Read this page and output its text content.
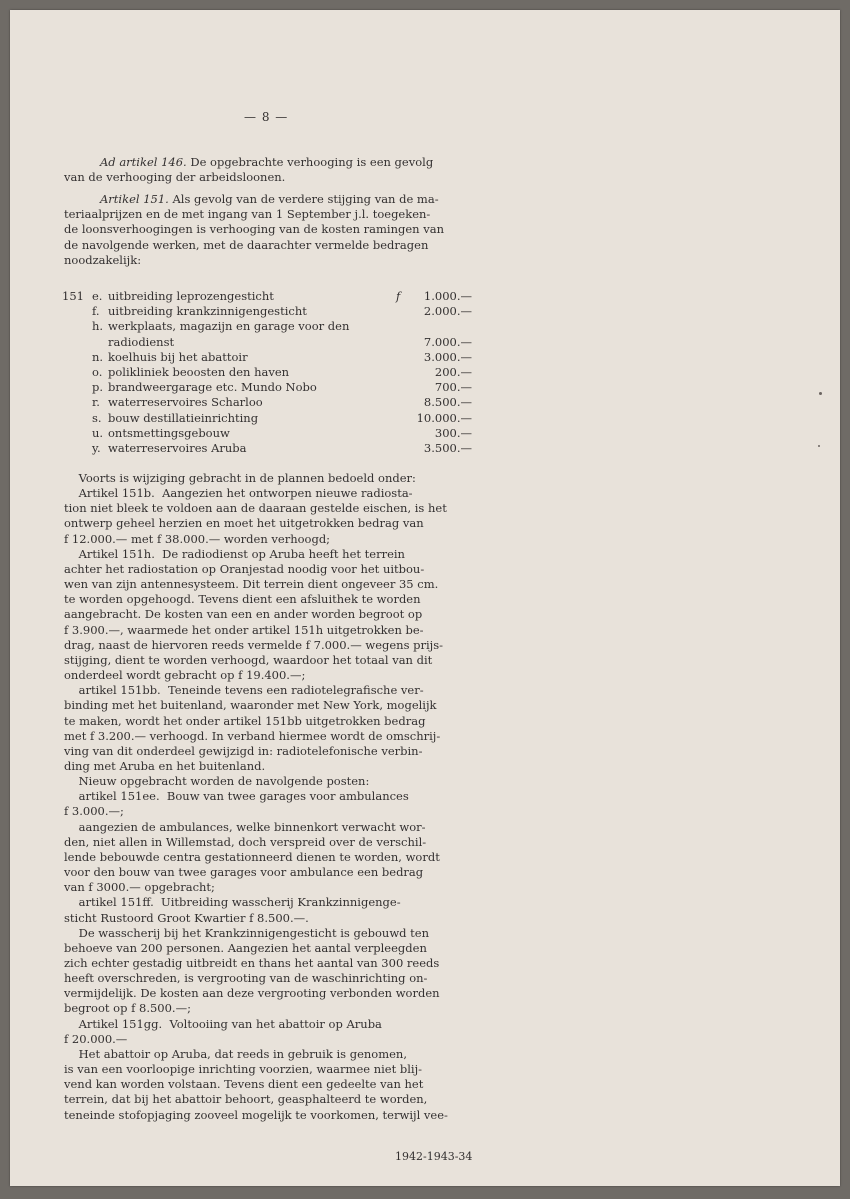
— 8 —
Ad artikel 146. De opgebrachte verhooging is een gevolg
van de verhooging der arbeidsloonen.
Artikel 151. Als gevolg van de verdere stijging van de ma-
teriaalprijzen en de met ingang van 1 September j.l. toegeken-
de loonsverhoogingen is verhooging van de kosten ramingen van
de navolgende werken, met de daarachter vermelde bedragen
noodzakelijk:
151 e. uitbreiding leprozengesticht	f 1.000.—
f. uitbreiding krankzinnigengesticht	2.000.—
h. werkplaats, magazijn en garage voor den
radiodienst	7.000.—
n. koelhuis bij het abattoir	3.000.—
o. polikliniek beoosten den haven	200.—
p. brandweergarage etc. Mundo Nobo	700.—
r. waterreservoires Scharloo	8.500.—
s. bouw destillatieinrichting	10.000.—
u. ontsmettingsgebouw	300.—
y. waterreservoires Aruba	3.500.—
Voorts is wijziging gebracht in de plannen bedoeld onder:
Artikel 151b.  Aangezien het ontworpen nieuwe radiosta-
tion niet bleek te voldoen aan de daaraan gestelde eischen, is het
ontwerp geheel herzien en moet het uitgetrokken bedrag van
f 12.000.— met f 38.000.— worden verhoogd;
Artikel 151h.  De radiodienst op Aruba heeft het terrein
achter het radiostation op Oranjestad noodig voor het uitbou-
wen van zijn antennesysteem. Dit terrein dient ongeveer 35 cm.
te worden opgehoogd. Tevens dient een afsluithek te worden
aangebracht. De kosten van een en ander worden begroot op
f 3.900.—, waarmede het onder artikel 151h uitgetrokken be-
drag, naast de hiervoren reeds vermelde f 7.000.— wegens prijs-
stijging, dient te worden verhoogd, waardoor het totaal van dit
onderdeel wordt gebracht op f 19.400.—;
artikel 151bb.  Teneinde tevens een radiotelegrafische ver-
binding met het buitenland, waaronder met New York, mogelijk
te maken, wordt het onder artikel 151bb uitgetrokken bedrag
met f 3.200.— verhoogd. In verband hiermee wordt de omschrij-
ving van dit onderdeel gewijzigd in: radiotelefonische verbin-
ding met Aruba en het buitenland.
Nieuw opgebracht worden de navolgende posten:
artikel 151ee.  Bouw van twee garages voor ambulances
f 3.000.—;
aangezien de ambulances, welke binnenkort verwacht wor-
den, niet allen in Willemstad, doch verspreid over de verschil-
lende bebouwde centra gestationneerd dienen te worden, wordt
voor den bouw van twee garages voor ambulance een bedrag
van f 3000.— opgebracht;
artikel 151ff.  Uitbreiding wasscherij Krankzinnigenge-
sticht Rustoord Groot Kwartier f 8.500.—.
De wasscherij bij het Krankzinnigengesticht is gebouwd ten
behoeve van 200 personen. Aangezien het aantal verpleegden
zich echter gestadig uitbreidt en thans het aantal van 300 reeds
heeft overschreden, is vergrooting van de waschinrichting on-
vermijdelijk. De kosten aan deze vergrooting verbonden worden
begroot op f 8.500.—;
Artikel 151gg.  Voltooiing van het abattoir op Aruba
f 20.000.—
Het abattoir op Aruba, dat reeds in gebruik is genomen,
is van een voorloopige inrichting voorzien, waarmee niet blij-
vend kan worden volstaan. Tevens dient een gedeelte van het
terrein, dat bij het abattoir behoort, geasphalteerd te worden,
teneinde stofopjaging zooveel mogelijk te voorkomen, terwijl vee-
1942-1943-34
